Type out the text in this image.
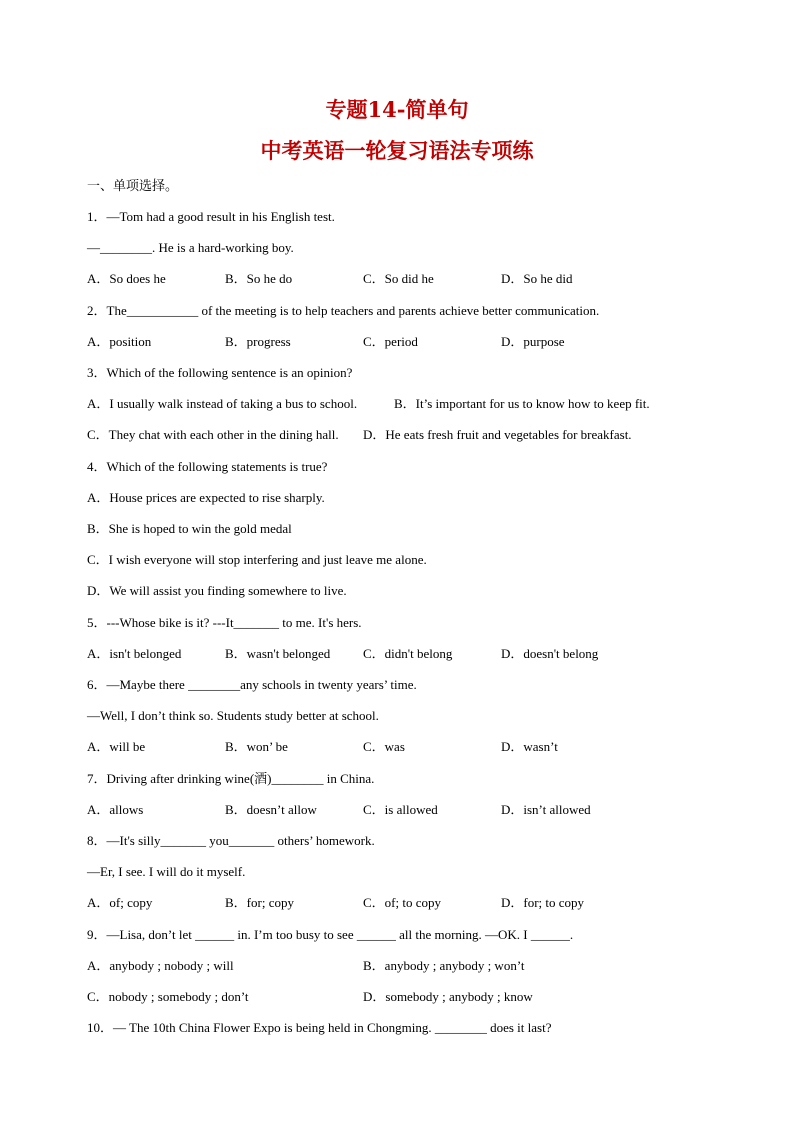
专题14-简单句
中考英语一轮复习语法专项练
一、单项选择。
1．—Tom had a good result in his English test.
—________. He is a hard-working boy.
A．So does he	B．So he do	C．So did he	D．So he did
2．The___________ of the meeting is to help teachers and parents achieve better communication.
A．position	B．progress	C．period	D．purpose
3．Which of the following sentence is an opinion?
A．I usually walk instead of taking a bus to school.	B．It’s important for us to know how to keep fit.
C．They chat with each other in the dining hall. D．He eats fresh fruit and vegetables for breakfast.
4．Which of the following statements is true?
A．House prices are expected to rise sharply.
B．She is hoped to win the gold medal
C．I wish everyone will stop interfering and just leave me alone.
D．We will assist you finding somewhere to live.
5．---Whose bike is it? ---It_______ to me. It's hers.
A．isn't belonged	B．wasn't belonged	C．didn't belong	D．doesn't belong
6．—Maybe there ________any schools in twenty years’ time.
—Well, I don’t think so. Students study better at school.
A．will be	B．won’ be	C．was	D．wasn’t
7．Driving after drinking wine(酒)________ in China.
A．allows	B．doesn’t allow	C．is allowed	D．isn’t allowed
8．—It's silly_______ you_______ others’ homework.
—Er, I see. I will do it myself.
A．of; copy	B．for; copy	C．of; to copy	D．for; to copy
9．—Lisa, don’t let ______ in. I’m too busy to see ______ all the morning. —OK. I ______.
A．anybody ; nobody ; will	B．anybody ; anybody ; won’t
C．nobody ; somebody ; don’t	D．somebody ; anybody ; know
10．— The 10th China Flower Expo is being held in Chongming. ________ does it last?
